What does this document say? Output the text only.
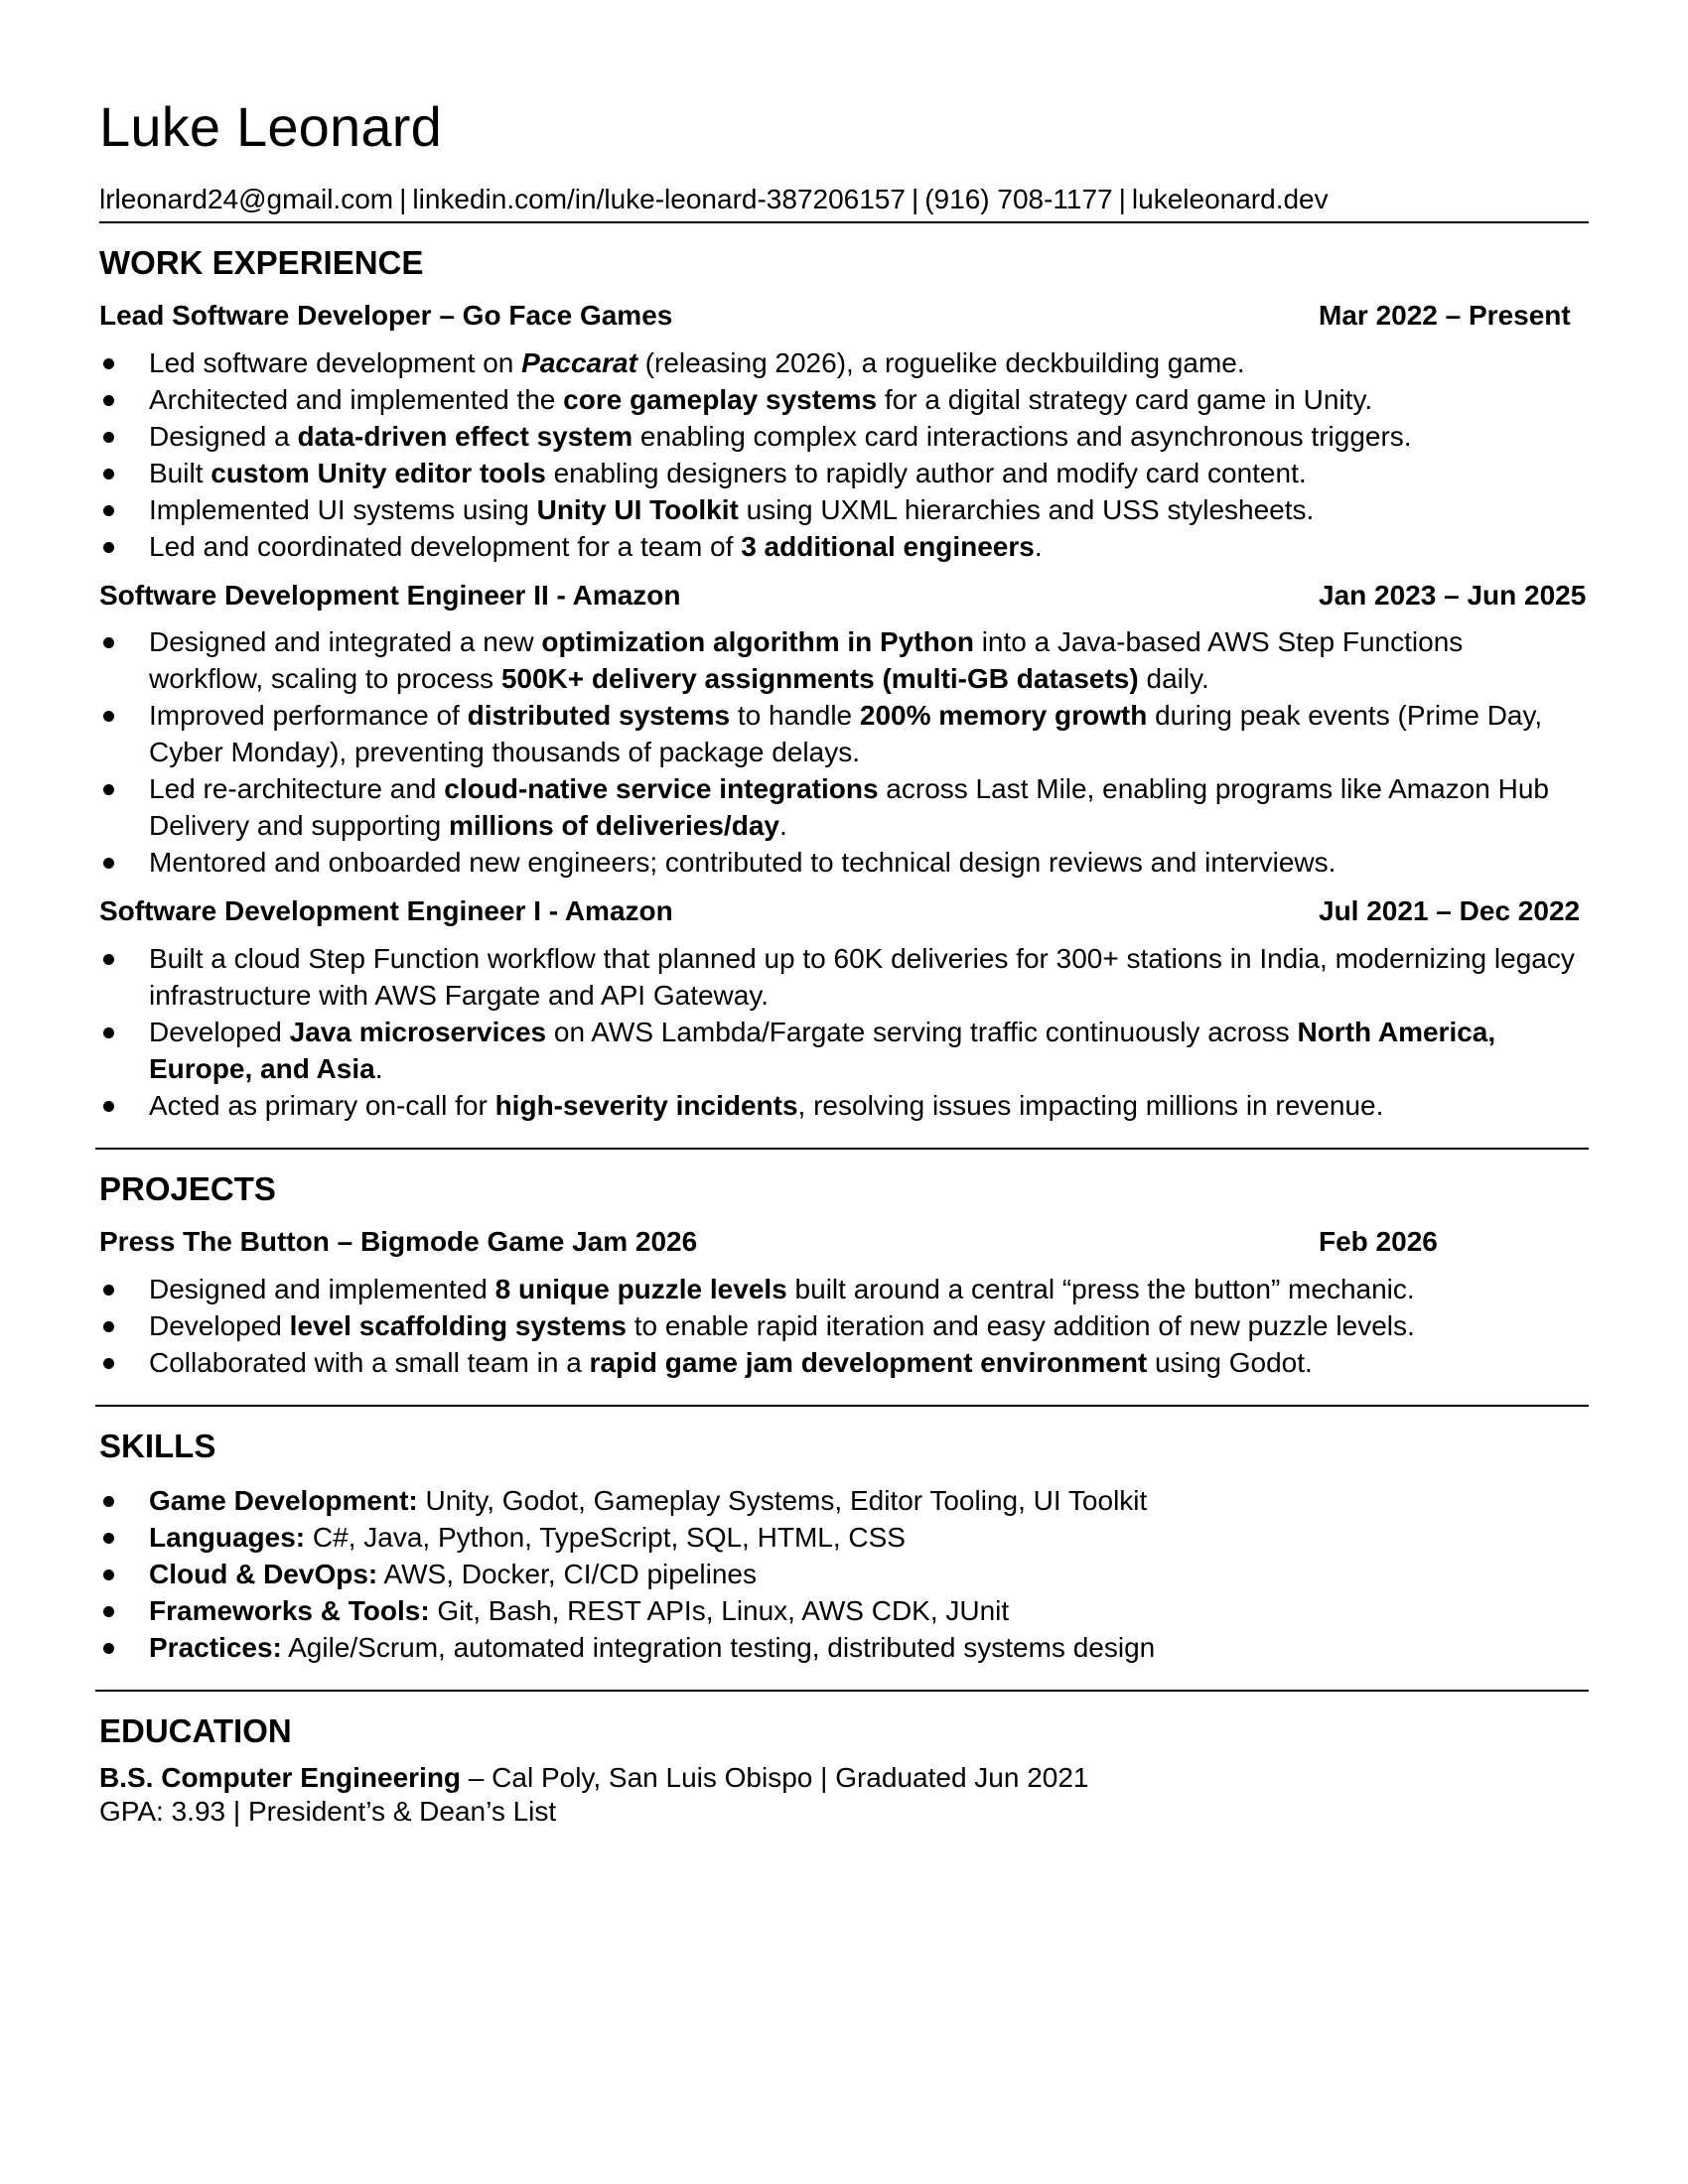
Luke Leonard
lrleonard24@gmail.com | linkedin.com/in/luke-leonard-387206157 | (916) 708-1177 | lukeleonard.dev
WORK EXPERIENCE
Lead Software Developer – Go Face Games	Mar 2022 – Present
Led software development on Paccarat (releasing 2026), a roguelike deckbuilding game.
Architected and implemented the core gameplay systems for a digital strategy card game in Unity.
Designed a data-driven effect system enabling complex card interactions and asynchronous triggers.
Built custom Unity editor tools enabling designers to rapidly author and modify card content.
Implemented UI systems using Unity UI Toolkit using UXML hierarchies and USS stylesheets.
Led and coordinated development for a team of 3 additional engineers.
Software Development Engineer II - Amazon	Jan 2023 – Jun 2025
Designed and integrated a new optimization algorithm in Python into a Java-based AWS Step Functions workflow, scaling to process 500K+ delivery assignments (multi-GB datasets) daily.
Improved performance of distributed systems to handle 200% memory growth during peak events (Prime Day, Cyber Monday), preventing thousands of package delays.
Led re-architecture and cloud-native service integrations across Last Mile, enabling programs like Amazon Hub Delivery and supporting millions of deliveries/day.
Mentored and onboarded new engineers; contributed to technical design reviews and interviews.
Software Development Engineer I - Amazon	Jul 2021 – Dec 2022
Built a cloud Step Function workflow that planned up to 60K deliveries for 300+ stations in India, modernizing legacy infrastructure with AWS Fargate and API Gateway.
Developed Java microservices on AWS Lambda/Fargate serving traffic continuously across North America, Europe, and Asia.
Acted as primary on-call for high-severity incidents, resolving issues impacting millions in revenue.
PROJECTS
Press The Button – Bigmode Game Jam 2026	Feb 2026
Designed and implemented 8 unique puzzle levels built around a central “press the button” mechanic.
Developed level scaffolding systems to enable rapid iteration and easy addition of new puzzle levels.
Collaborated with a small team in a rapid game jam development environment using Godot.
SKILLS
Game Development: Unity, Godot, Gameplay Systems, Editor Tooling, UI Toolkit
Languages: C#, Java, Python, TypeScript, SQL, HTML, CSS
Cloud & DevOps: AWS, Docker, CI/CD pipelines
Frameworks & Tools: Git, Bash, REST APIs, Linux, AWS CDK, JUnit
Practices: Agile/Scrum, automated integration testing, distributed systems design
EDUCATION
B.S. Computer Engineering – Cal Poly, San Luis Obispo | Graduated Jun 2021
GPA: 3.93 | President’s & Dean’s List
